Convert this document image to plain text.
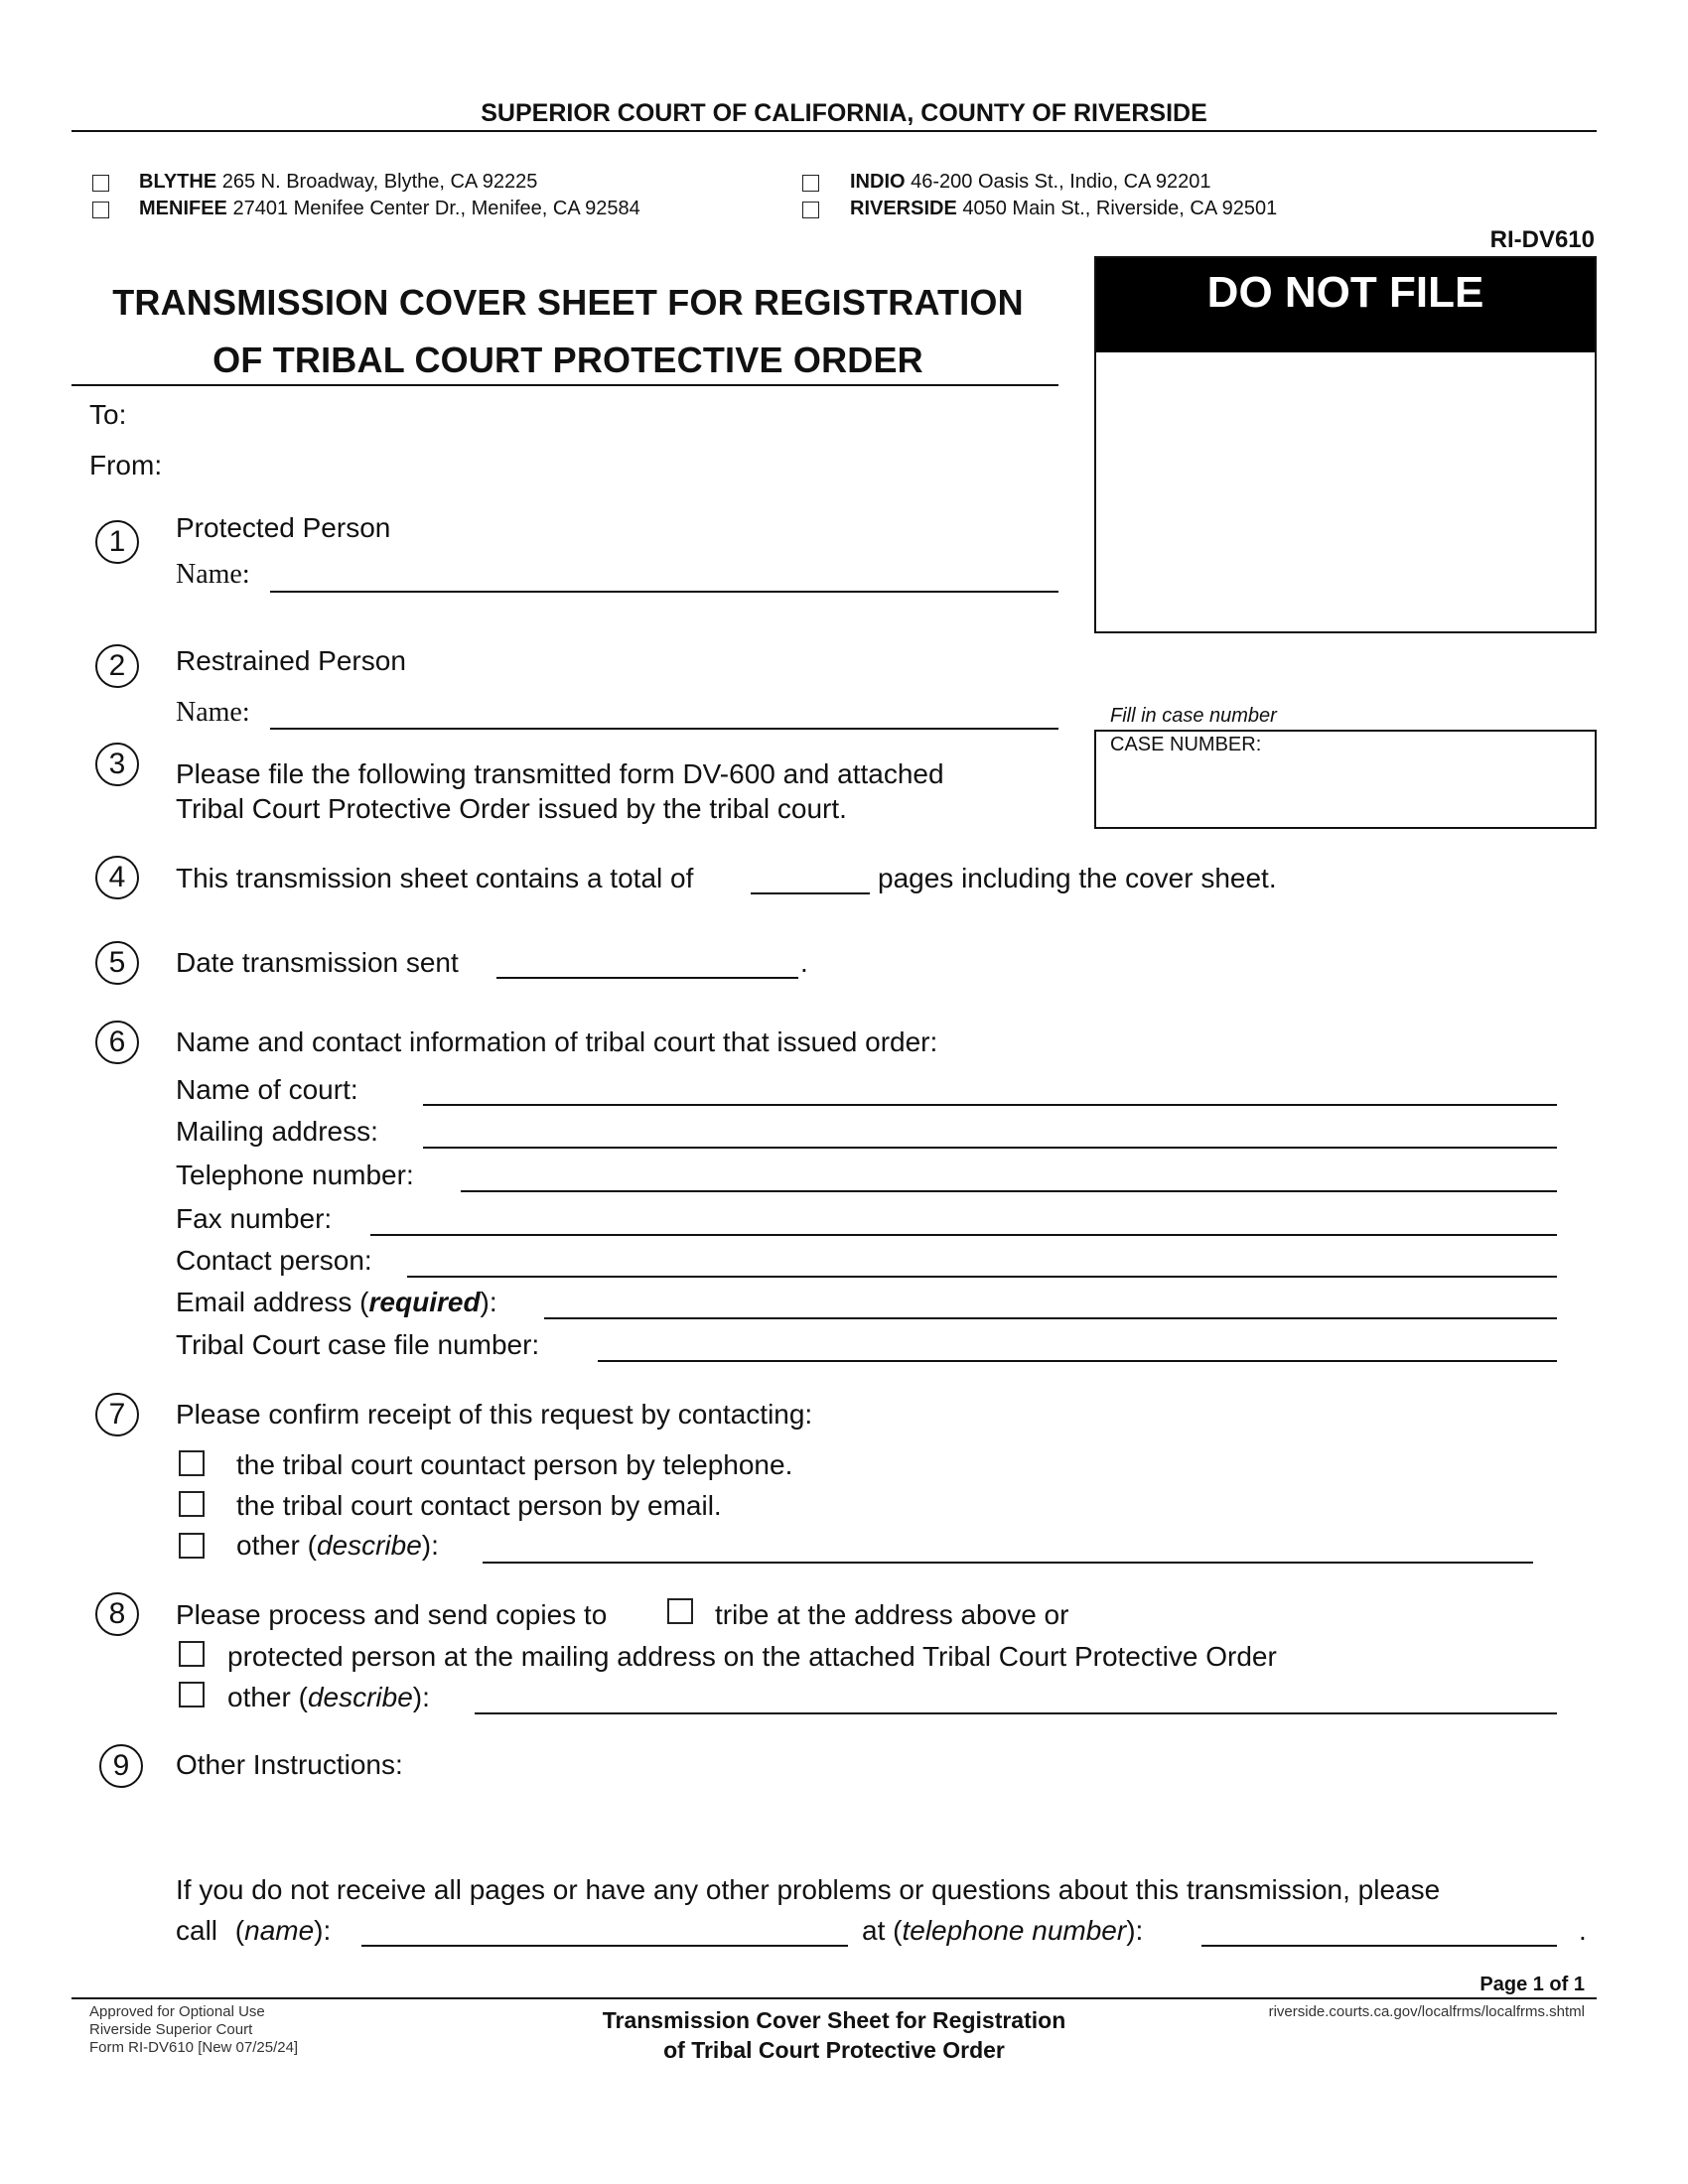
SUPERIOR COURT OF CALIFORNIA, COUNTY OF RIVERSIDE
BLYTHE 265 N. Broadway, Blythe, CA 92225
MENIFEE 27401 Menifee Center Dr., Menifee, CA 92584
INDIO 46-200 Oasis St., Indio, CA 92201
RIVERSIDE 4050 Main St., Riverside, CA 92501
RI-DV610
TRANSMISSION COVER SHEET FOR REGISTRATION
OF TRIBAL COURT PROTECTIVE ORDER
DO NOT FILE
Fill in case number
CASE NUMBER:
To:
From:
1	Protected Person
Name:
2	Restrained Person
Name:
3	Please file the following transmitted form DV-600 and attached
Tribal Court Protective Order issued by the tribal court.
4	This transmission sheet contains a total of	pages including the cover sheet.
5	Date transmission sent	.
6	Name and contact information of tribal court that issued order:
Name of court:
Mailing address:
Telephone number:
Fax number:
Contact person:
Email address (required):
Tribal Court case file number:
7	Please confirm receipt of this request by contacting:
the tribal court countact person by telephone.
the tribal court contact person by email.
other (describe):
8	Please process and send copies to	tribe at the address above or
protected person at the mailing address on the attached Tribal Court Protective Order
other (describe):
9	Other Instructions:
If you do not receive all pages or have any other problems or questions about this transmission, please
call (name):	at (telephone number):	.
Page 1 of 1
Approved for Optional Use
Riverside Superior Court
Form RI-DV610 [New 07/25/24]
Transmission Cover Sheet for Registration
of Tribal Court Protective Order
riverside.courts.ca.gov/localfrms/localfrms.shtml
